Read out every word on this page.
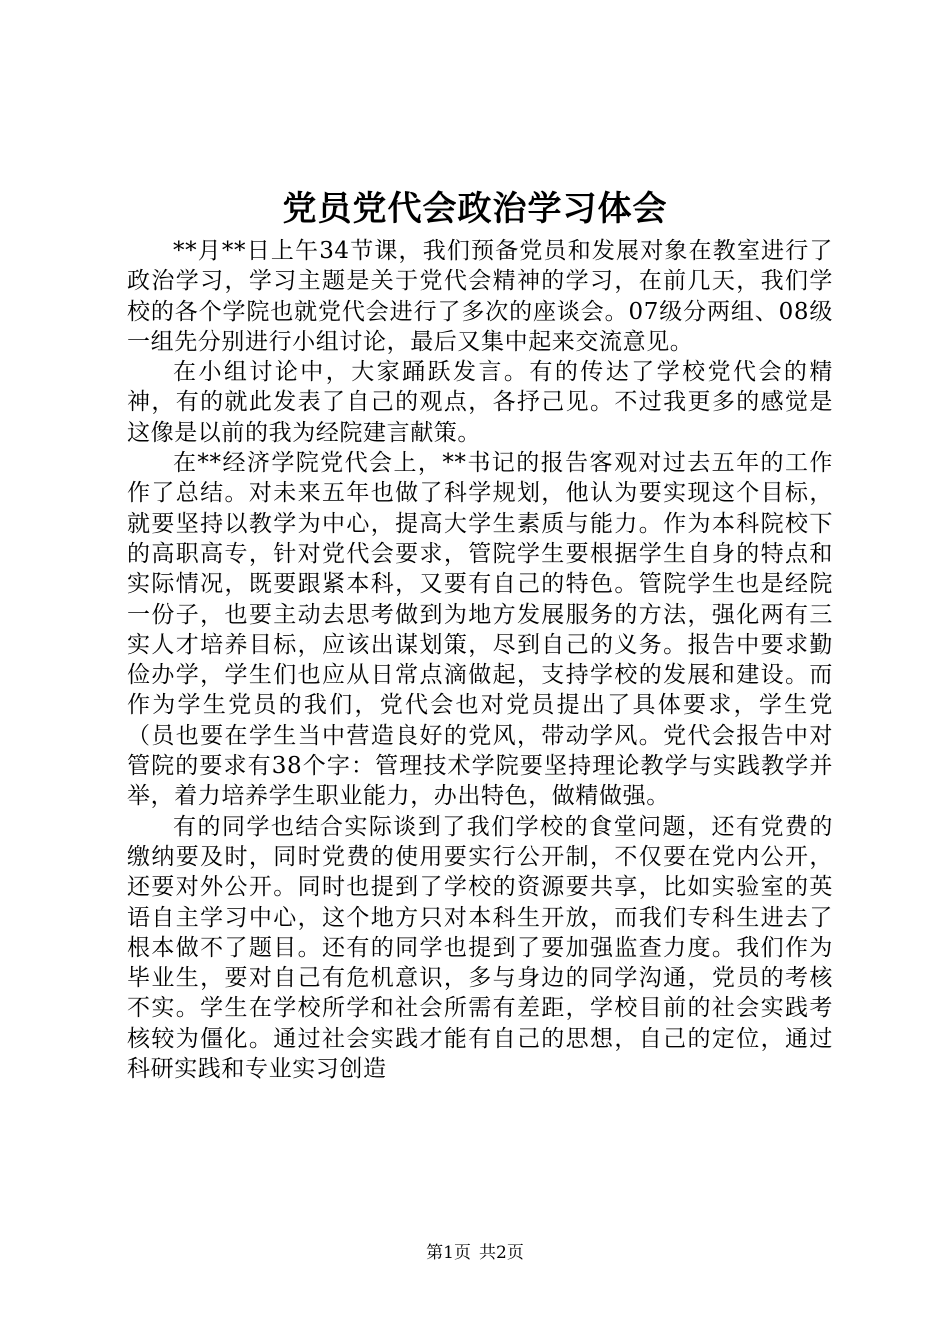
党员党代会政治学习体会

**月**日上午34节课，我们预备党员和发展对象在教室进行了政治学习，学习主题是关于党代会精神的学习，在前几天，我们学校的各个学院也就党代会进行了多次的座谈会。07级分两组、08级一组先分别进行小组讨论，最后又集中起来交流意见。

在小组讨论中，大家踊跃发言。有的传达了学校党代会的精神，有的就此发表了自己的观点，各抒己见。不过我更多的感觉是这像是以前的我为经院建言献策。

在**经济学院党代会上，**书记的报告客观对过去五年的工作作了总结。对未来五年也做了科学规划，他认为要实现这个目标，就要坚持以教学为中心，提高大学生素质与能力。作为本科院校下的高职高专，针对党代会要求，管院学生要根据学生自身的特点和实际情况，既要跟紧本科，又要有自己的特色。管院学生也是经院一份子，也要主动去思考做到为地方发展服务的方法，强化两有三实人才培养目标，应该出谋划策，尽到自己的义务。报告中要求勤俭办学，学生们也应从日常点滴做起，支持学校的发展和建设。而作为学生党员的我们，党代会也对党员提出了具体要求，学生党（员也要在学生当中营造良好的党风，带动学风。党代会报告中对管院的要求有38个字：管理技术学院要坚持理论教学与实践教学并举，着力培养学生职业能力，办出特色，做精做强。

有的同学也结合实际谈到了我们学校的食堂问题，还有党费的缴纳要及时，同时党费的使用要实行公开制，不仅要在党内公开，还要对外公开。同时也提到了学校的资源要共享，比如实验室的英语自主学习中心，这个地方只对本科生开放，而我们专科生进去了根本做不了题目。还有的同学也提到了要加强监查力度。我们作为毕业生，要对自己有危机意识，多与身边的同学沟通，党员的考核不实。学生在学校所学和社会所需有差距，学校目前的社会实践考核较为僵化。通过社会实践才能有自己的思想，自己的定位，通过科研实践和专业实习创造

第1页 共2页
